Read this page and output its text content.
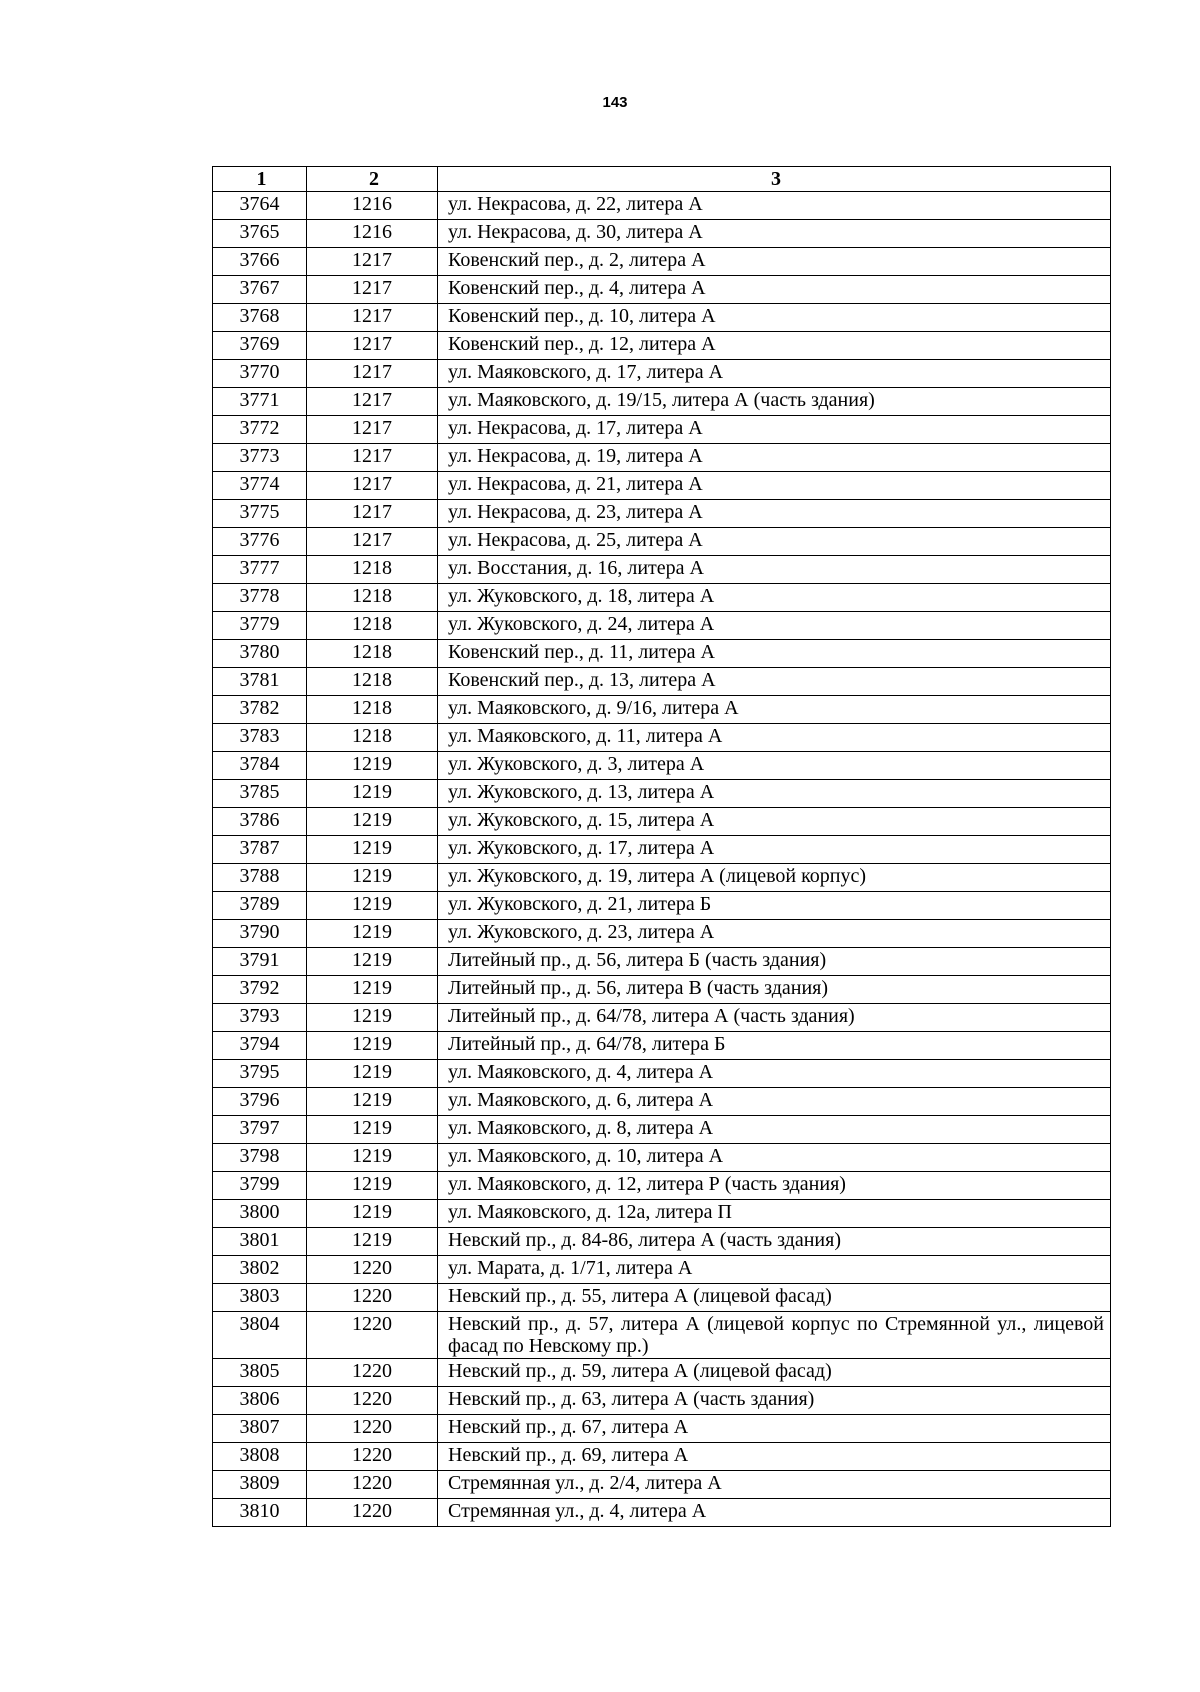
143
1	2	3
3764	1216	ул. Некрасова, д. 22, литера А
3765	1216	ул. Некрасова, д. 30, литера А
3766	1217	Ковенский пер., д. 2, литера А
3767	1217	Ковенский пер., д. 4, литера А
3768	1217	Ковенский пер., д. 10, литера А
3769	1217	Ковенский пер., д. 12, литера А
3770	1217	ул. Маяковского, д. 17, литера А
3771	1217	ул. Маяковского, д. 19/15, литера А (часть здания)
3772	1217	ул. Некрасова, д. 17, литера А
3773	1217	ул. Некрасова, д. 19, литера А
3774	1217	ул. Некрасова, д. 21, литера А
3775	1217	ул. Некрасова, д. 23, литера А
3776	1217	ул. Некрасова, д. 25, литера А
3777	1218	ул. Восстания, д. 16, литера А
3778	1218	ул. Жуковского, д. 18, литера А
3779	1218	ул. Жуковского, д. 24, литера А
3780	1218	Ковенский пер., д. 11, литера А
3781	1218	Ковенский пер., д. 13, литера А
3782	1218	ул. Маяковского, д. 9/16, литера А
3783	1218	ул. Маяковского, д. 11, литера А
3784	1219	ул. Жуковского, д. 3, литера А
3785	1219	ул. Жуковского, д. 13, литера А
3786	1219	ул. Жуковского, д. 15, литера А
3787	1219	ул. Жуковского, д. 17, литера А
3788	1219	ул. Жуковского, д. 19, литера А (лицевой корпус)
3789	1219	ул. Жуковского, д. 21, литера Б
3790	1219	ул. Жуковского, д. 23, литера А
3791	1219	Литейный пр., д. 56, литера Б (часть здания)
3792	1219	Литейный пр., д. 56, литера В (часть здания)
3793	1219	Литейный пр., д. 64/78, литера А (часть здания)
3794	1219	Литейный пр., д. 64/78, литера Б
3795	1219	ул. Маяковского, д. 4, литера А
3796	1219	ул. Маяковского, д. 6, литера А
3797	1219	ул. Маяковского, д. 8, литера А
3798	1219	ул. Маяковского, д. 10, литера А
3799	1219	ул. Маяковского, д. 12, литера Р (часть здания)
3800	1219	ул. Маяковского, д. 12а, литера П
3801	1219	Невский пр., д. 84-86, литера А (часть здания)
3802	1220	ул. Марата, д. 1/71, литера А
3803	1220	Невский пр., д. 55, литера А (лицевой фасад)
3804	1220	Невский пр., д. 57, литера А (лицевой корпус по Стремянной ул., лицевой фасад по Невскому пр.)
3805	1220	Невский пр., д. 59, литера А (лицевой фасад)
3806	1220	Невский пр., д. 63, литера А (часть здания)
3807	1220	Невский пр., д. 67, литера А
3808	1220	Невский пр., д. 69, литера А
3809	1220	Стремянная ул., д. 2/4, литера А
3810	1220	Стремянная ул., д. 4, литера А
